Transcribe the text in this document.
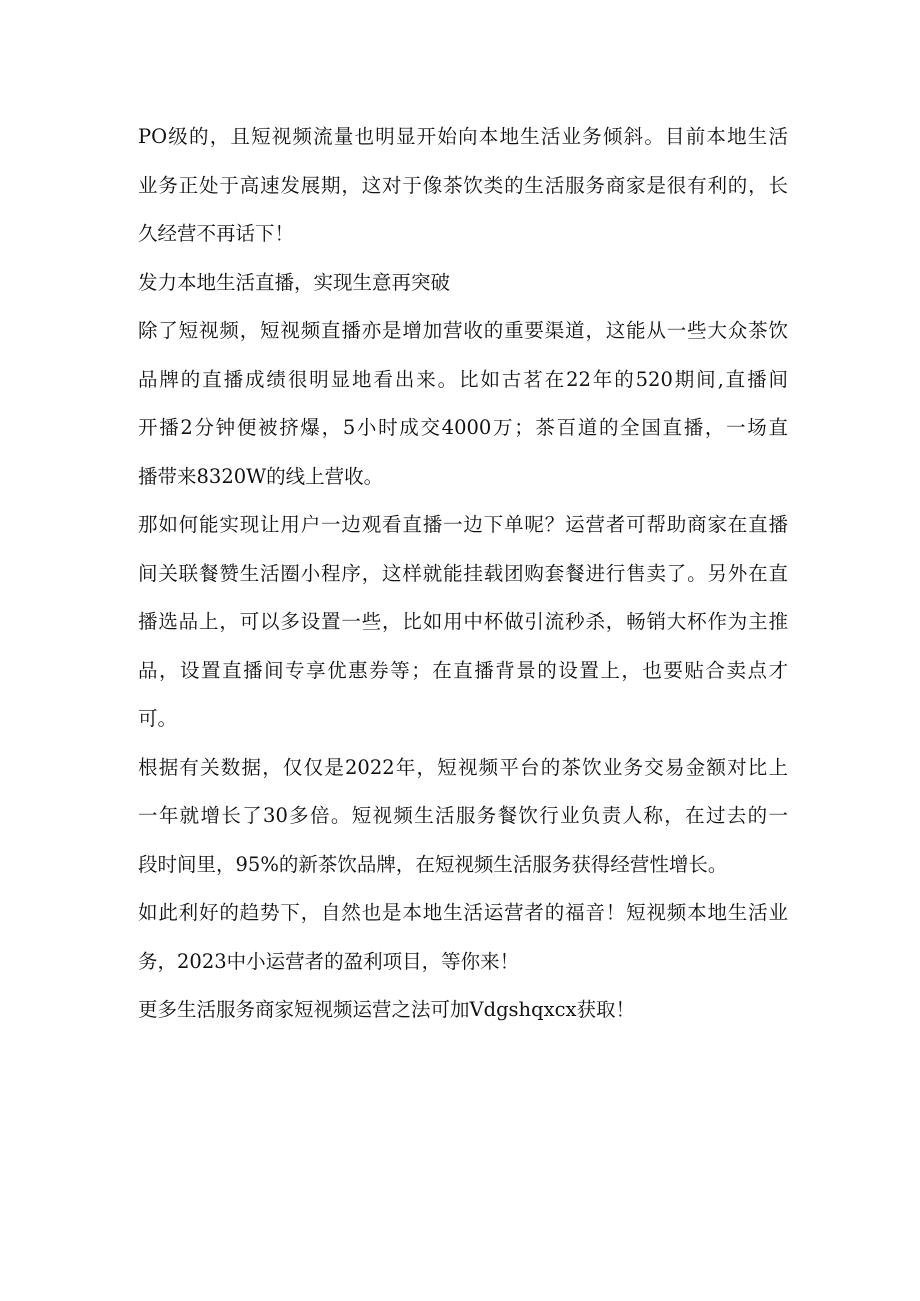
PO级的，且短视频流量也明显开始向本地生活业务倾斜。目前本地生活
业务正处于高速发展期，这对于像茶饮类的生活服务商家是很有利的，长
久经营不再话下！
发力本地生活直播，实现生意再突破
除了短视频，短视频直播亦是增加营收的重要渠道，这能从一些大众茶饮
品牌的直播成绩很明显地看出来。比如古茗在22年的520期间,直播间
开播2分钟便被挤爆，5小时成交4000万；茶百道的全国直播，一场直
播带来8320W的线上营收。
那如何能实现让用户一边观看直播一边下单呢？运营者可帮助商家在直播
间关联餐赞生活圈小程序，这样就能挂载团购套餐进行售卖了。另外在直
播选品上，可以多设置一些，比如用中杯做引流秒杀，畅销大杯作为主推
品，设置直播间专享优惠券等；在直播背景的设置上，也要贴合卖点才
可。
根据有关数据，仅仅是2022年，短视频平台的茶饮业务交易金额对比上
一年就增长了30多倍。短视频生活服务餐饮行业负责人称，在过去的一
段时间里，95%的新茶饮品牌，在短视频生活服务获得经营性增长。
如此利好的趋势下，自然也是本地生活运营者的福音！短视频本地生活业
务，2023中小运营者的盈利项目，等你来！
更多生活服务商家短视频运营之法可加Vdgshqxcx获取！
